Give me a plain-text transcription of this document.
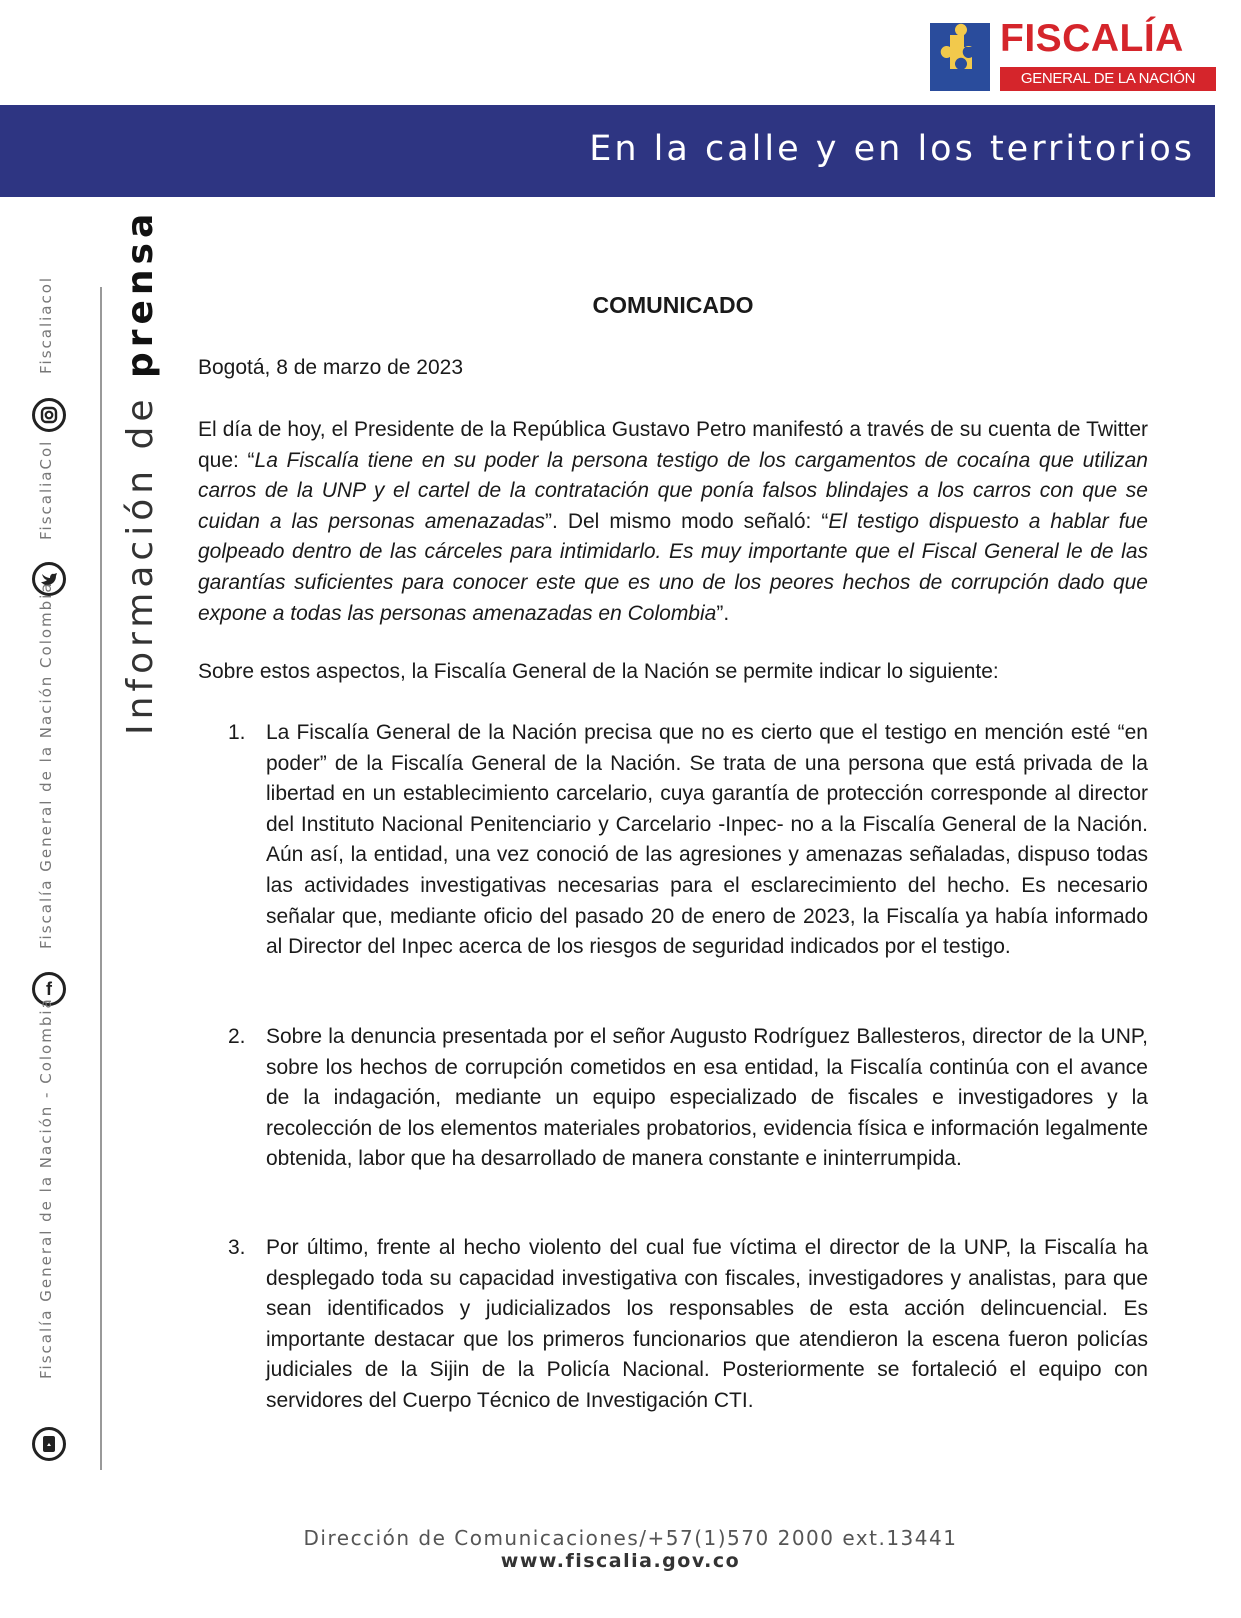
FISCALÍA
GENERAL DE LA NACIÓN
En la calle y en los territorios
Fiscaliacol
FiscaliaCol
Fiscalía General de la Nación Colombia
f
Fiscalía General de la Nación - Colombia
Información de prensa	COMUNICADO
Bogotá, 8 de marzo de 2023
El día de hoy, el Presidente de la República Gustavo Petro manifestó a través de su cuenta de Twitter que: “La Fiscalía tiene en su poder la persona testigo de los cargamentos de cocaína que utilizan carros de la UNP y el cartel de la contratación que ponía falsos blindajes a los carros con que se cuidan a las personas amenazadas”. Del mismo modo señaló: “El testigo dispuesto a hablar fue golpeado dentro de las cárceles para intimidarlo. Es muy importante que el Fiscal General le de las garantías suficientes para conocer este que es uno de los peores hechos de corrupción dado que expone a todas las personas amenazadas en Colombia”.
Sobre estos aspectos, la Fiscalía General de la Nación se permite indicar lo siguiente:
1. La Fiscalía General de la Nación precisa que no es cierto que el testigo en mención esté “en poder” de la Fiscalía General de la Nación. Se trata de una persona que está privada de la libertad en un establecimiento carcelario, cuya garantía de protección corresponde al director del Instituto Nacional Penitenciario y Carcelario -Inpec- no a la Fiscalía General de la Nación. Aún así, la entidad, una vez conoció de las agresiones y amenazas señaladas, dispuso todas las actividades investigativas necesarias para el esclarecimiento del hecho. Es necesario señalar que, mediante oficio del pasado 20 de enero de 2023, la Fiscalía ya había informado al Director del Inpec acerca de los riesgos de seguridad indicados por el testigo.
2. Sobre la denuncia presentada por el señor Augusto Rodríguez Ballesteros, director de la UNP, sobre los hechos de corrupción cometidos en esa entidad, la Fiscalía continúa con el avance de la indagación, mediante un equipo especializado de fiscales e investigadores y la recolección de los elementos materiales probatorios, evidencia física e información legalmente obtenida, labor que ha desarrollado de manera constante e ininterrumpida.
3. Por último, frente al hecho violento del cual fue víctima el director de la UNP, la Fiscalía ha desplegado toda su capacidad investigativa con fiscales, investigadores y analistas, para que sean identificados y judicializados los responsables de esta acción delincuencial. Es importante destacar que los primeros funcionarios que atendieron la escena fueron policías judiciales de la Sijin de la Policía Nacional. Posteriormente se fortaleció el equipo con servidores del Cuerpo Técnico de Investigación CTI.
Dirección de Comunicaciones/+57(1)570 2000 ext.13441
www.fiscalia.gov.co
